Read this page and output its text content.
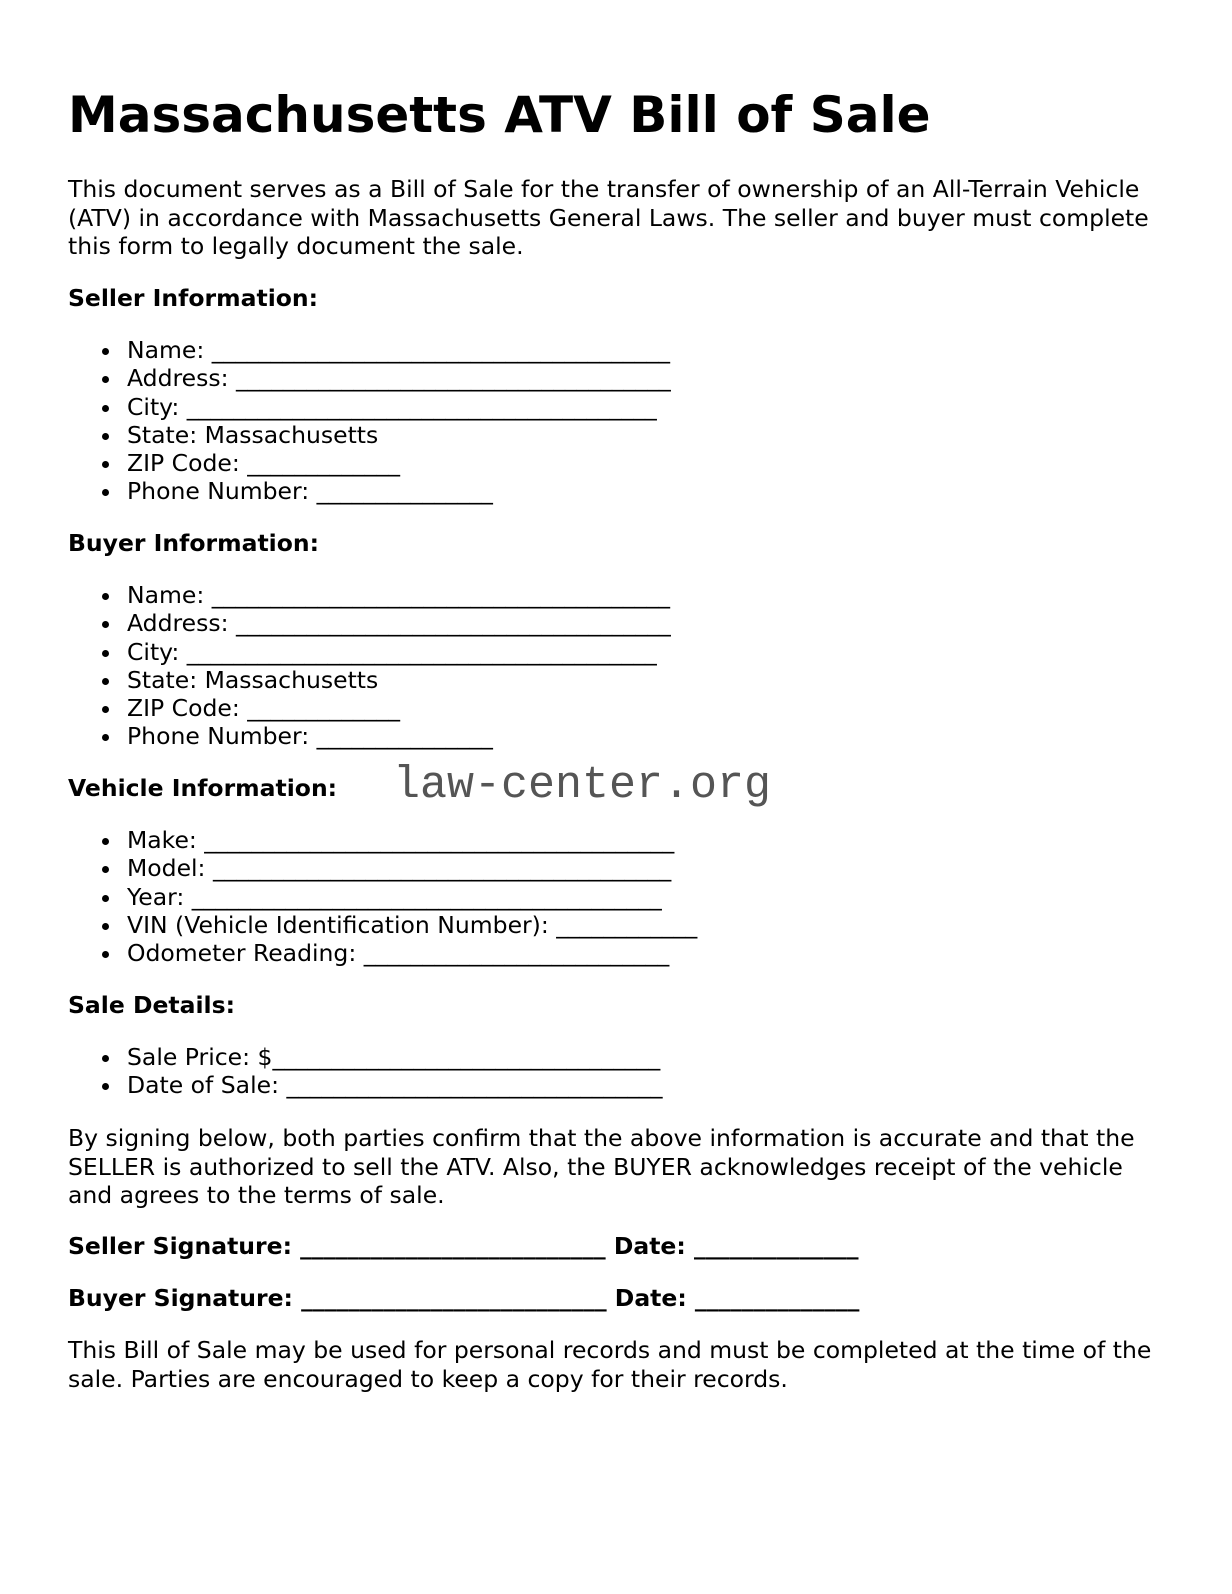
Massachusetts ATV Bill of Sale

This document serves as a Bill of Sale for the transfer of ownership of an All-Terrain Vehicle (ATV) in accordance with Massachusetts General Laws. The seller and buyer must complete this form to legally document the sale.

Seller Information:

Name: _______________________________________
Address: _____________________________________
City: ________________________________________
State: Massachusetts
ZIP Code: _____________
Phone Number: _______________

Buyer Information:

Name: _______________________________________
Address: _____________________________________
City: ________________________________________
State: Massachusetts
ZIP Code: _____________
Phone Number: _______________

Vehicle Information:

Make: ________________________________________
Model: _______________________________________
Year: ________________________________________
VIN (Vehicle Identification Number): ____________
Odometer Reading: __________________________

Sale Details:

Sale Price: $_________________________________
Date of Sale: ________________________________

By signing below, both parties confirm that the above information is accurate and that the SELLER is authorized to sell the ATV. Also, the BUYER acknowledges receipt of the vehicle and agrees to the terms of sale.

Seller Signature: __________________________ Date: ______________

Buyer Signature: __________________________ Date: ______________

This Bill of Sale may be used for personal records and must be completed at the time of the sale. Parties are encouraged to keep a copy for their records.

law-center.org
